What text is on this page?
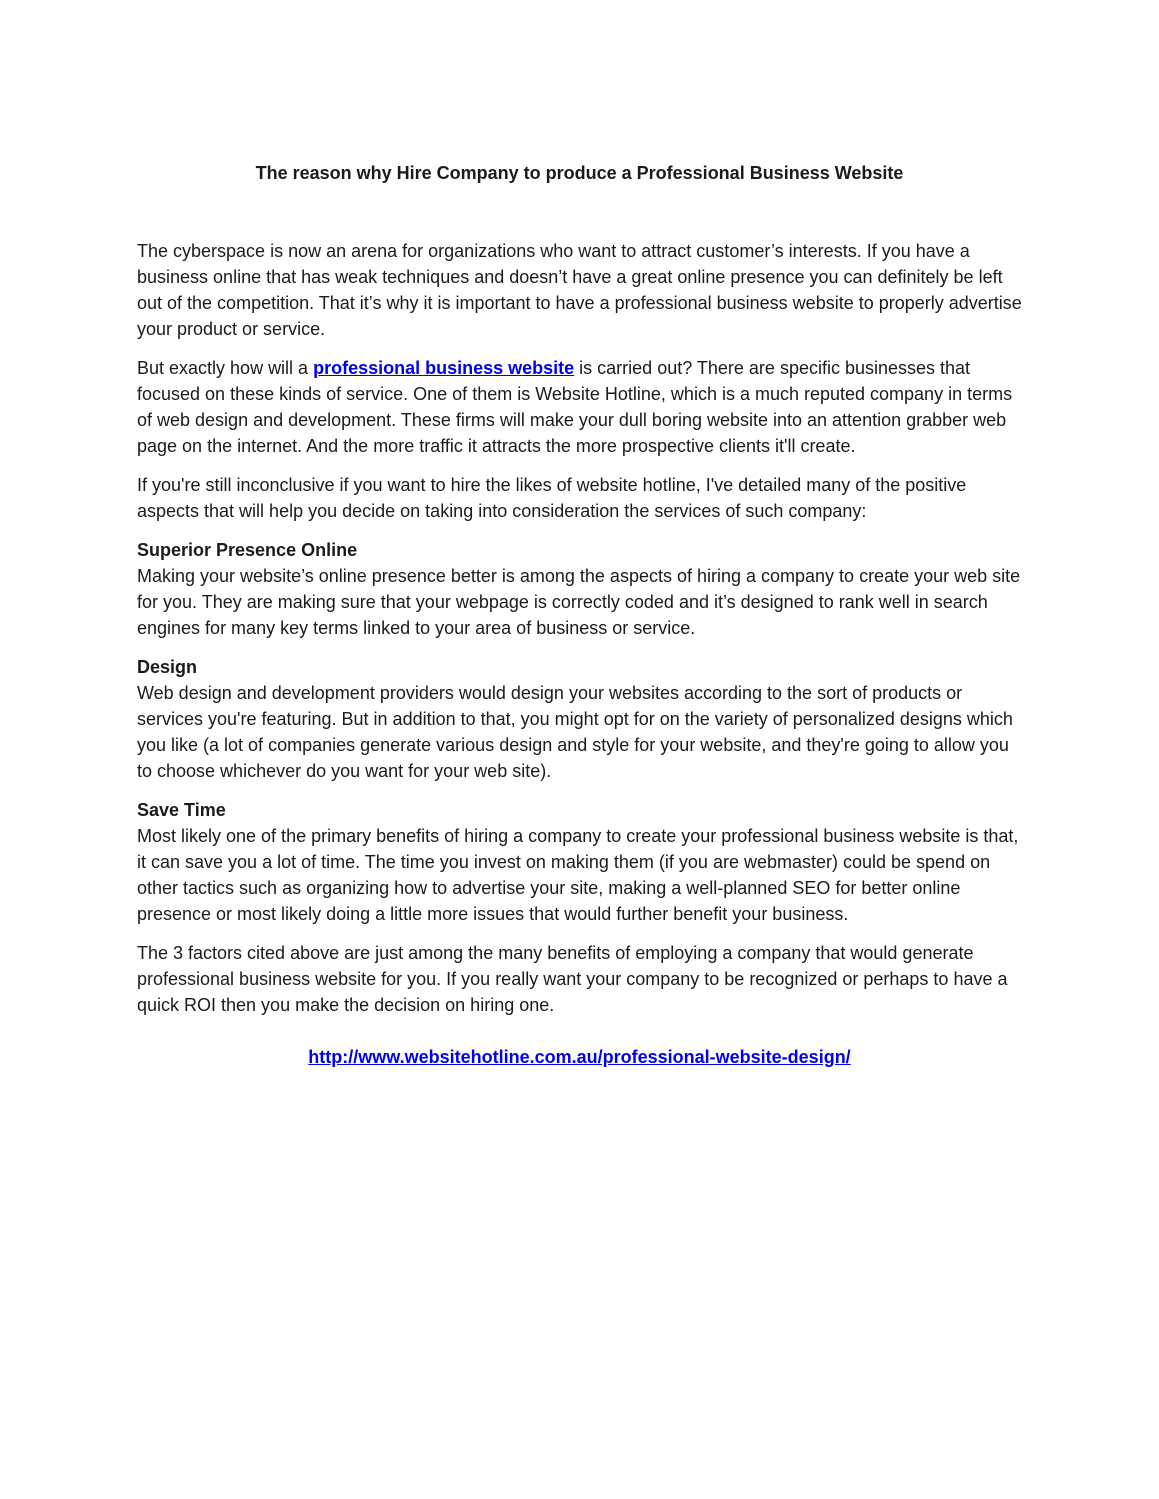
The reason why Hire Company to produce a Professional Business Website

The cyberspace is now an arena for organizations who want to attract customer’s interests. If you have a business online that has weak techniques and doesn’t have a great online presence you can definitely be left out of the competition. That it’s why it is important to have a professional business website to properly advertise your product or service.

But exactly how will a professional business website is carried out? There are specific businesses that focused on these kinds of service. One of them is Website Hotline, which is a much reputed company in terms of web design and development. These firms will make your dull boring website into an attention grabber web page on the internet. And the more traffic it attracts the more prospective clients it'll create.

If you're still inconclusive if you want to hire the likes of website hotline, I've detailed many of the positive aspects that will help you decide on taking into consideration the services of such company:

Superior Presence Online
Making your website’s online presence better is among the aspects of hiring a company to create your web site for you. They are making sure that your webpage is correctly coded and it’s designed to rank well in search engines for many key terms linked to your area of business or service.
Design
Web design and development providers would design your websites according to the sort of products or services you're featuring. But in addition to that, you might opt for on the variety of personalized designs which you like (a lot of companies generate various design and style for your website, and they're going to allow you to choose whichever do you want for your web site).
Save Time
Most likely one of the primary benefits of hiring a company to create your professional business website is that, it can save you a lot of time. The time you invest on making them (if you are webmaster) could be spend on other tactics such as organizing how to advertise your site, making a well-planned SEO for better online presence or most likely doing a little more issues that would further benefit your business.

The 3 factors cited above are just among the many benefits of employing a company that would generate professional business website for you. If you really want your company to be recognized or perhaps to have a quick ROI then you make the decision on hiring one.

http://www.websitehotline.com.au/professional-website-design/
